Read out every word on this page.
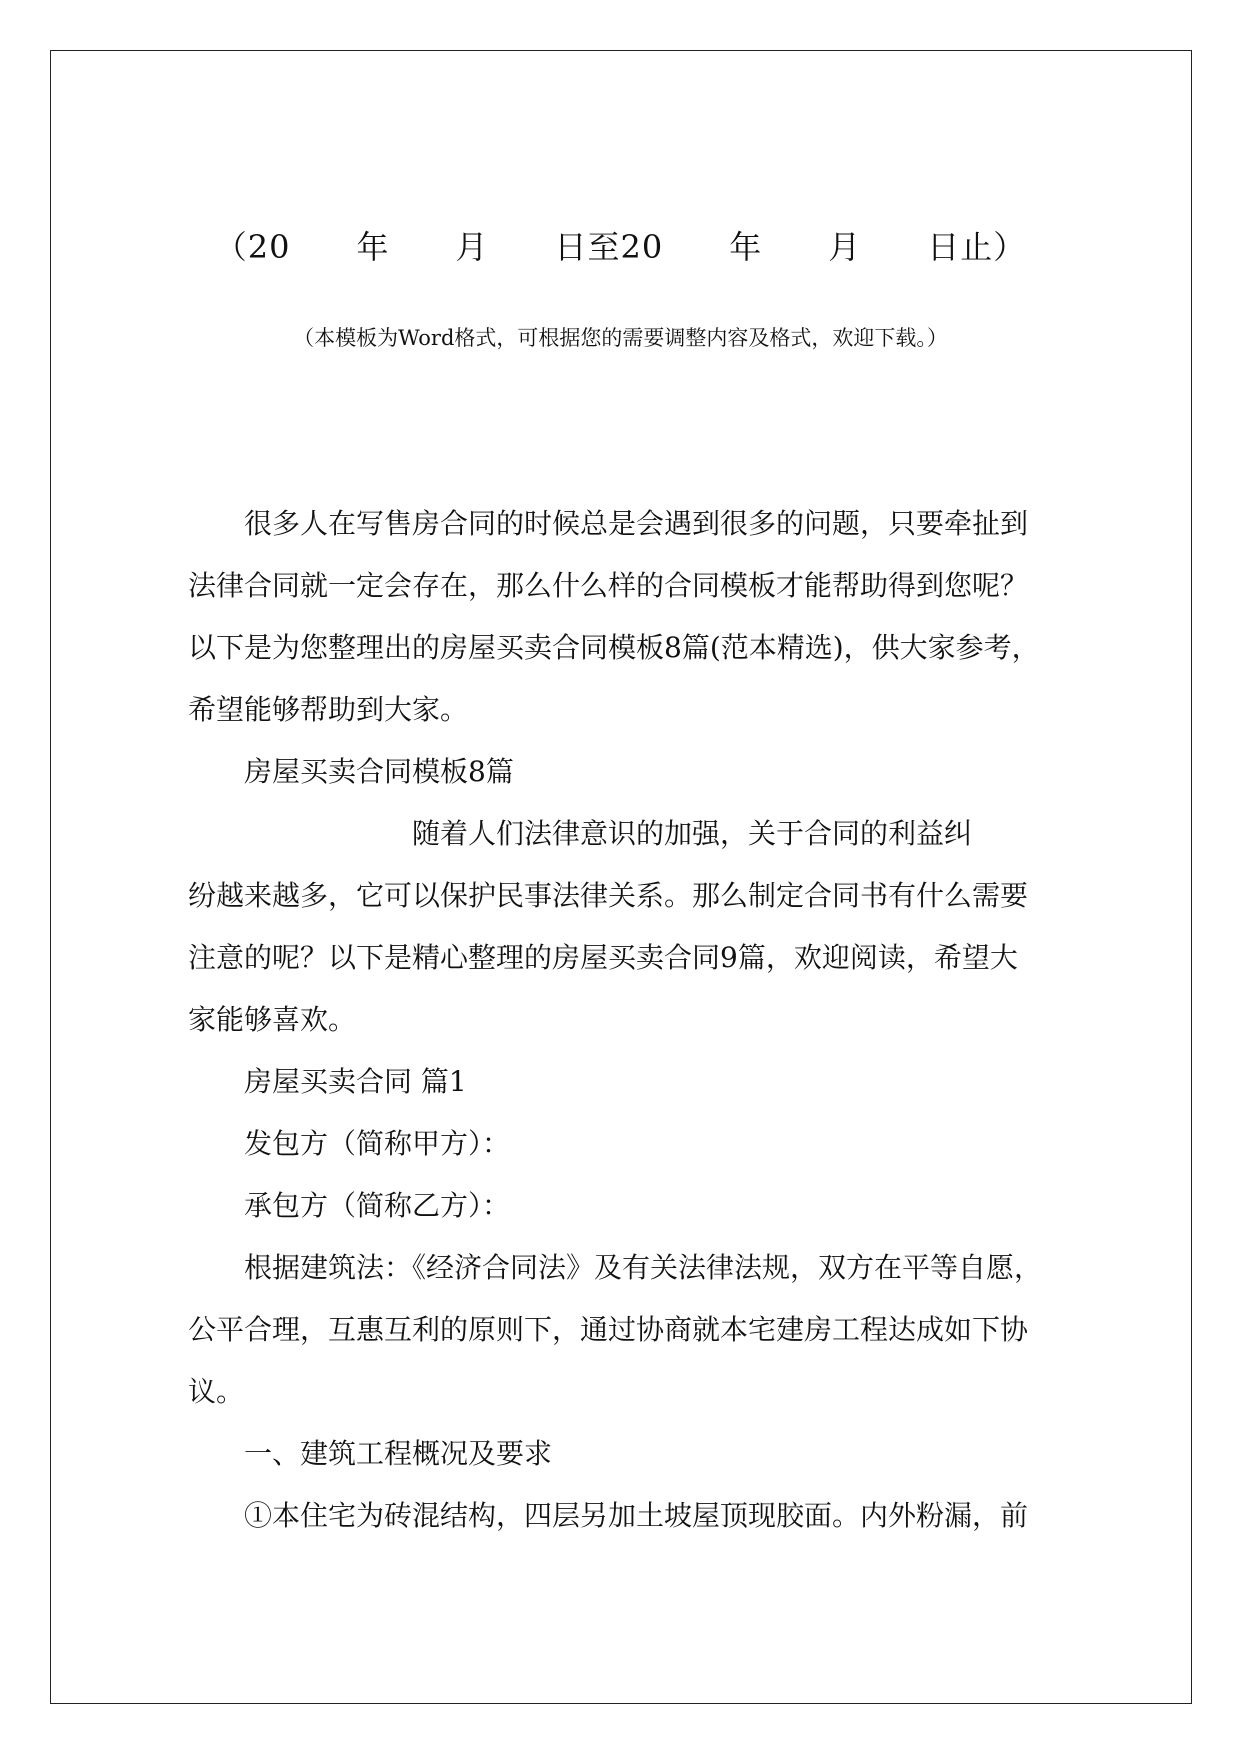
（20　　年　　月　　日至20　　年　　月　　日止）
（本模板为Word格式，可根据您的需要调整内容及格式，欢迎下载。）
　　很多人在写售房合同的时候总是会遇到很多的问题，只要牵扯到
法律合同就一定会存在，那么什么样的合同模板才能帮助得到您呢？
以下是为您整理出的房屋买卖合同模板8篇(范本精选)，供大家参考，
希望能够帮助到大家。
　　房屋买卖合同模板8篇
　　　　　　　　随着人们法律意识的加强，关于合同的利益纠
纷越来越多，它可以保护民事法律关系。那么制定合同书有什么需要
注意的呢？以下是精心整理的房屋买卖合同9篇，欢迎阅读，希望大
家能够喜欢。
　　房屋买卖合同 篇1
　　发包方（简称甲方）：
　　承包方（简称乙方）：
　　根据建筑法：《经济合同法》及有关法律法规，双方在平等自愿，
公平合理，互惠互利的原则下，通过协商就本宅建房工程达成如下协
议。
　　一、建筑工程概况及要求
　　①本住宅为砖混结构，四层另加土坡屋顶现胶面。内外粉漏，前
